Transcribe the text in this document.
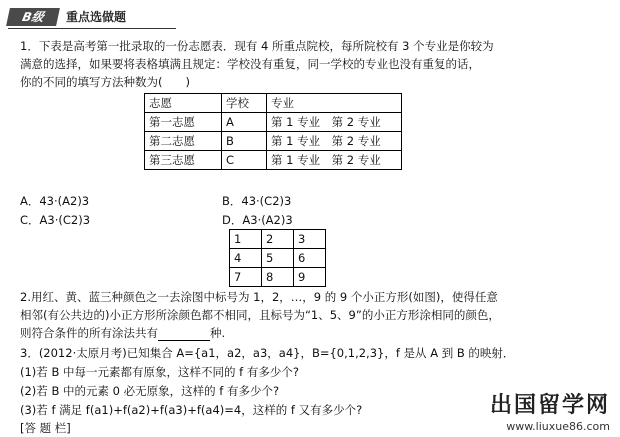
B级	重点选做题
1．下表是高考第一批录取的一份志愿表．现有 4 所重点院校，每所院校有 3 个专业是你较为
满意的选择，如果要将表格填满且规定：学校没有重复，同一学校的专业也没有重复的话，
你的不同的填写方法种数为(　　)
志愿	学校	专业
第一志愿	A	第 1 专业　第 2 专业
第二志愿	B	第 1 专业　第 2 专业
第三志愿	C	第 1 专业　第 2 专业
A．43·(A2)3	B．43·(C2)3
C．A3·(C2)3	D．A3·(A2)3
1	2	3
4	5	6
7	8	9
2.用红、黄、蓝三种颜色之一去涂图中标号为 1，2，…，9 的 9 个小正方形(如图)，使得任意
相邻(有公共边的)小正方形所涂颜色都不相同，且标号为“1、5、9”的小正方形涂相同的颜色，
则符合条件的所有涂法共有	种.
3．(2012·太原月考)已知集合 A={a1，a2，a3，a4}，B={0,1,2,3}，f 是从 A 到 B 的映射．
(1)若 B 中每一元素都有原象，这样不同的 f 有多少个?
(2)若 B 中的元素 0 必无原象，这样的 f 有多少个?
(3)若 f 满足 f(a1)+f(a2)+f(a3)+f(a4)=4，这样的 f 又有多少个?
[答 题 栏]
出国留学网
www.liuxue86.com
